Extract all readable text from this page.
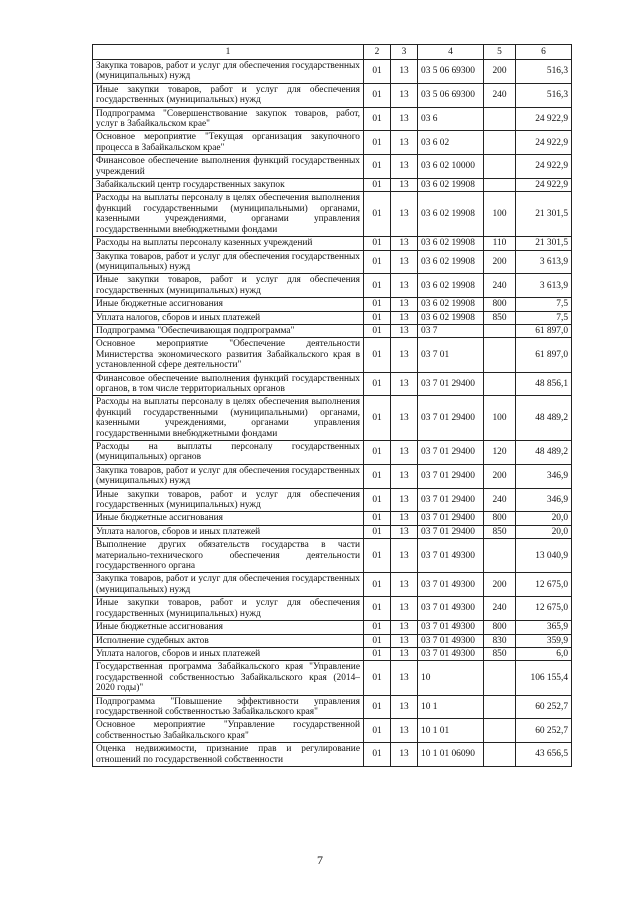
1	2	3	4	5	6
Закупка товаров, работ и услуг для обеспечения государственных (муниципальных) нужд	01	13	03 5 06 69300	200	516,3
Иные закупки товаров, работ и услуг для обеспечения государственных (муниципальных) нужд	01	13	03 5 06 69300	240	516,3
Подпрограмма "Совершенствование закупок товаров, работ, услуг в Забайкальском крае"	01	13	03 6		24 922,9
Основное мероприятие "Текущая организация закупочного процесса в Забайкальском крае"	01	13	03 6 02		24 922,9
Финансовое обеспечение выполнения функций государственных учреждений	01	13	03 6 02 10000		24 922,9
Забайкальский центр государственных закупок	01	13	03 6 02 19908		24 922,9
Расходы на выплаты персоналу в целях обеспечения выполнения функций государственными (муниципальными) органами, казенными учреждениями, органами управления государственными внебюджетными фондами	01	13	03 6 02 19908	100	21 301,5
Расходы на выплаты персоналу казенных учреждений	01	13	03 6 02 19908	110	21 301,5
Закупка товаров, работ и услуг для обеспечения государственных (муниципальных) нужд	01	13	03 6 02 19908	200	3 613,9
Иные закупки товаров, работ и услуг для обеспечения государственных (муниципальных) нужд	01	13	03 6 02 19908	240	3 613,9
Иные бюджетные ассигнования	01	13	03 6 02 19908	800	7,5
Уплата налогов, сборов и иных платежей	01	13	03 6 02 19908	850	7,5
Подпрограмма "Обеспечивающая подпрограмма"	01	13	03 7		61 897,0
Основное мероприятие "Обеспечение деятельности Министерства экономического развития Забайкальского края в установленной сфере деятельности"	01	13	03 7 01		61 897,0
Финансовое обеспечение выполнения функций государственных органов, в том числе территориальных органов	01	13	03 7 01 29400		48 856,1
Расходы на выплаты персоналу в целях обеспечения выполнения функций государственными (муниципальными) органами, казенными учреждениями, органами управления государственными внебюджетными фондами	01	13	03 7 01 29400	100	48 489,2
Расходы на выплаты персоналу государственных (муниципальных) органов	01	13	03 7 01 29400	120	48 489,2
Закупка товаров, работ и услуг для обеспечения государственных (муниципальных) нужд	01	13	03 7 01 29400	200	346,9
Иные закупки товаров, работ и услуг для обеспечения государственных (муниципальных) нужд	01	13	03 7 01 29400	240	346,9
Иные бюджетные ассигнования	01	13	03 7 01 29400	800	20,0
Уплата налогов, сборов и иных платежей	01	13	03 7 01 29400	850	20,0
Выполнение других обязательств государства в части материально-технического обеспечения деятельности государственного органа	01	13	03 7 01 49300		13 040,9
Закупка товаров, работ и услуг для обеспечения государственных (муниципальных) нужд	01	13	03 7 01 49300	200	12 675,0
Иные закупки товаров, работ и услуг для обеспечения государственных (муниципальных) нужд	01	13	03 7 01 49300	240	12 675,0
Иные бюджетные ассигнования	01	13	03 7 01 49300	800	365,9
Исполнение судебных актов	01	13	03 7 01 49300	830	359,9
Уплата налогов, сборов и иных платежей	01	13	03 7 01 49300	850	6,0
Государственная программа Забайкальского края "Управление государственной собственностью Забайкальского края (2014–2020 годы)"	01	13	10		106 155,4
Подпрограмма "Повышение эффективности управления государственной собственностью Забайкальского края"	01	13	10 1		60 252,7
Основное мероприятие "Управление государственной собственностью Забайкальского края"	01	13	10 1 01		60 252,7
Оценка недвижимости, признание прав и регулирование отношений по государственной собственности	01	13	10 1 01 06090		43 656,5
7
